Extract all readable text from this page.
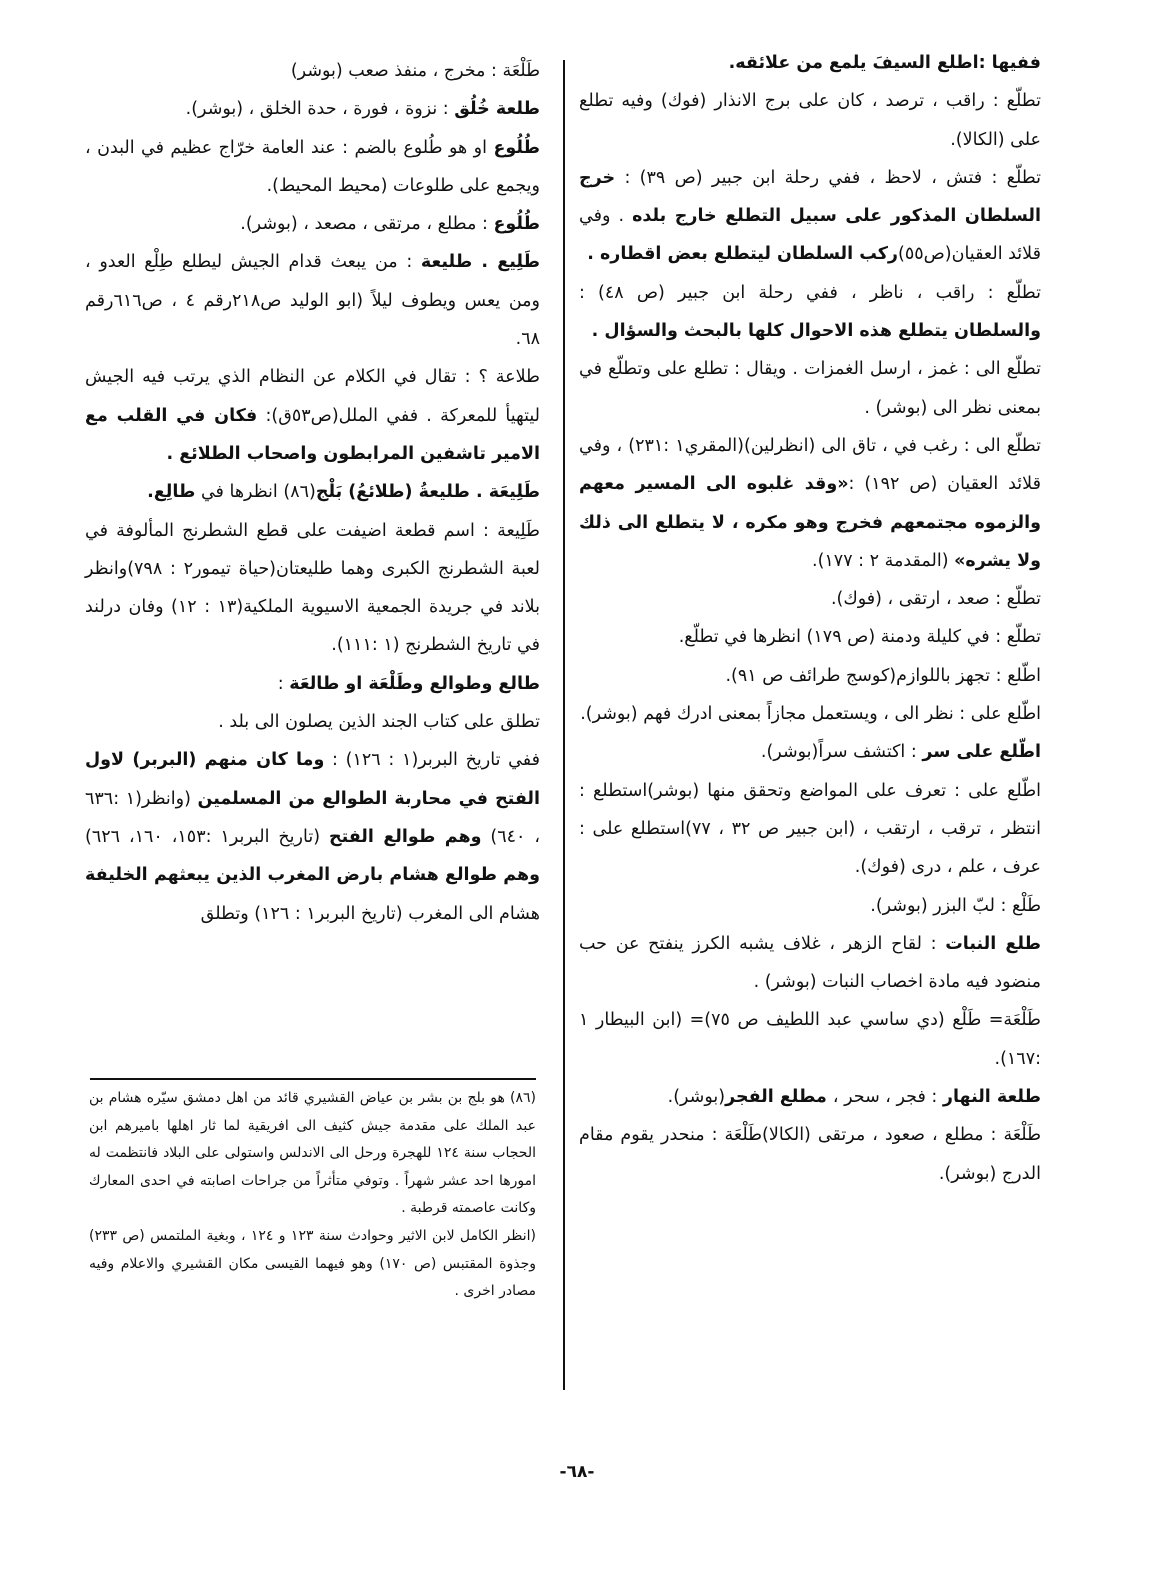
ففيها :اطلع السيفَ يلمع من علائقه.

تطلّع : راقب ، ترصد ، كان على برج الانذار (فوك) وفيه تطلع على (الكالا).

تطلّع : فتش ، لاحظ ، ففي رحلة ابن جبير (ص ٣٩) : خرج السلطان المذكور على سبيل التطلع خارج بلده . وفي قلائد العقيان(ص٥٥)ركب السلطان ليتطلع بعض اقطاره .

تطلّع : راقب ، ناظر ، ففي رحلة ابن جبير (ص ٤٨) : والسلطان يتطلع هذه الاحوال كلها بالبحث والسؤال .

تطلّع الى : غمز ، ارسل الغمزات . ويقال : تطلع على وتطلّع في بمعنى نظر الى (بوشر) .

تطلّع الى : رغب في ، تاق الى (انظرلين)(المقري١ :٢٣١) ، وفي قلائد العقيان (ص ١٩٢) :«وقد غلبوه الى المسير معهم والزموه مجتمعهم فخرج وهو مكره ، لا يتطلع الى ذلك ولا يشره» (المقدمة ٢ : ١٧٧).

تطلّع : صعد ، ارتقى ، (فوك).

تطلّع : في كليلة ودمنة (ص ١٧٩) انظرها في تطلّع.

اطّلع : تجهز باللوازم(كوسج طرائف ص ٩١).

اطّلع على : نظر الى ، ويستعمل مجازاً بمعنى ادرك فهم (بوشر).

اطّلع على سر : اكتشف سراً(بوشر).

اطّلع على : تعرف على المواضع وتحقق منها (بوشر)استطلع : انتظر ، ترقب ، ارتقب ، (ابن جبير ص ٣٢ ، ٧٧)استطلع على : عرف ، علم ، درى (فوك).

طَلْع : لبّ البزر (بوشر).

طلع النبات : لقاح الزهر ، غلاف يشبه الكرز ينفتح عن حب منضود فيه مادة اخصاب النبات (بوشر) .

طَلْعَة= طَلْع (دي ساسي عبد اللطيف ص ٧٥)= (ابن البيطار ١ :١٦٧).

طلعة النهار : فجر ، سحر ، مطلع الفجر(بوشر).

طَلْعَة : مطلع ، صعود ، مرتقى (الكالا)طَلْعَة : منحدر يقوم مقام الدرج (بوشر).

طَلْعَة : مخرج ، منفذ صعب (بوشر)

طلعة خُلُق : نزوة ، فورة ، حدة الخلق ، (بوشر).

طُلُوع او هو طُلوع بالضم : عند العامة خرّاج عظيم في البدن ، ويجمع على طلوعات (محيط المحيط).

طُلُوع : مطلع ، مرتقى ، مصعد ، (بوشر).

طَلِيع . طليعة : من يبعث قدام الجيش ليطلع طِلْع العدو ، ومن يعس ويطوف ليلاً (ابو الوليد ص٢١٨رقم ٤ ، ص٦١٦رقم ٦٨.

طلاعة ؟ : تقال في الكلام عن النظام الذي يرتب فيه الجيش ليتهيأ للمعركة . ففي الملل(ص٥٣ق): فكان في القلب مع الامير تاشفين المرابطون واصحاب الطلائع .

طَلِيعَة . طليعةُ (طلائعُ) بَلْج(٨٦) انظرها في طالِع.

طَلِيعة : اسم قطعة اضيفت على قطع الشطرنج المألوفة في لعبة الشطرنج الكبرى وهما طليعتان(حياة تيمور٢ : ٧٩٨)وانظر بلاند في جريدة الجمعية الاسيوية الملكية(١٣ : ١٢) وفان درلند في تاريخ الشطرنج (١ :١١١).

طالع وطوالع وطَلْعَة او طالعَة :

تطلق على كتاب الجند الذين يصلون الى بلد .

ففي تاريخ البربر(١ : ١٢٦) : وما كان منهم (البربر) لاول الفتح في محاربة الطوالع من المسلمين (وانظر(١ :٦٣٦ ، ٦٤٠) وهم طوالع الفتح (تاريخ البربر١ :١٥٣، ١٦٠، ٦٢٦) وهم طوالع هشام بارض المغرب الذين يبعثهم الخليفة هشام الى المغرب (تاريخ البربر١ : ١٢٦) وتطلق

(٨٦) هو بلج بن بشر بن عياض القشيري قائد من اهل دمشق سيّره هشام بن عبد الملك على مقدمة جيش كثيف الى افريقية لما ثار اهلها باميرهم ابن الحجاب سنة ١٢٤ للهجرة ورحل الى الاندلس واستولى على البلاد فانتظمت له امورها احد عشر شهراً . وتوفي متأثراً من جراحات اصابته في احدى المعارك وكانت عاصمته قرطبة .

(انظر الكامل لابن الاثير وحوادث سنة ١٢٣ و ١٢٤ ، وبغية الملتمس (ص ٢٣٣) وجذوة المقتبس (ص ١٧٠) وهو فيهما القيسى مكان القشيري والاعلام وفيه مصادر اخرى .

-٦٨-
